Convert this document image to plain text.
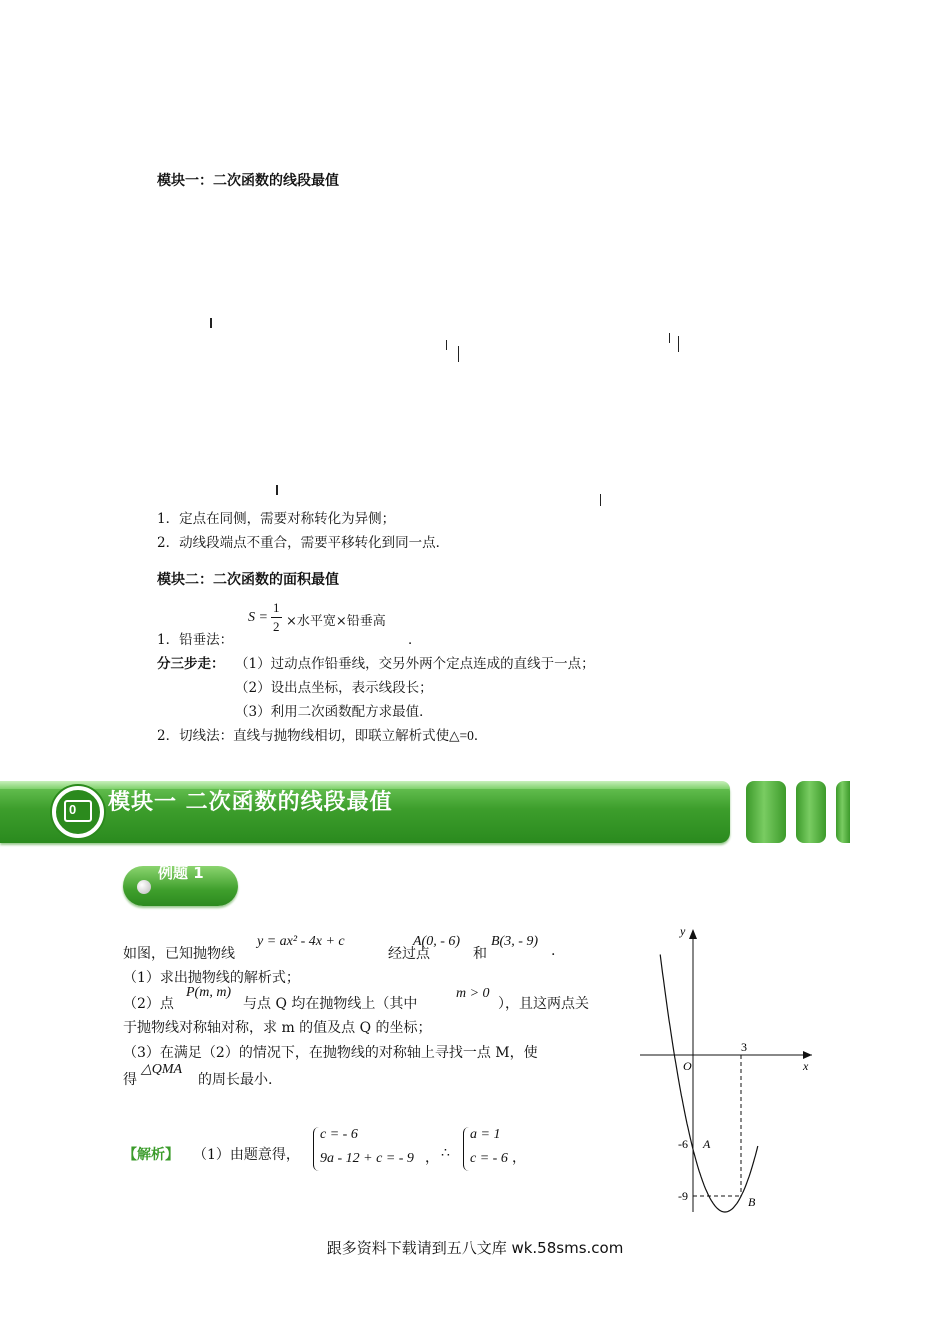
模块一：二次函数的线段最值
1．定点在同侧，需要对称转化为异侧；
2．动线段端点不重合，需要平移转化到同一点．
模块二：二次函数的面积最值
1．铅垂法：
S =
1
2 ×水平宽×铅垂高
．
分三步走： （1）过动点作铅垂线，交另外两个定点连成的直线于一点；
（2）设出点坐标，表示线段长；
（3）利用二次函数配方求最值．
2．切线法：直线与抛物线相切，即联立解析式使△=0．
0 模块一 二次函数的线段最值
例题 1
如图，已知抛物线
y = ax² - 4x + c
经过点
A(0, - 6)
和
B(3, - 9)
.
（1）求出抛物线的解析式；
（2）点
P(m, m)
与点 Q 均在抛物线上（其中
m > 0
），且这两点关
于抛物线对称轴对称，求 m 的值及点 Q 的坐标；
（3）在满足（2）的情况下，在抛物线的对称轴上寻找一点 M，使
得
△QMA
的周长最小.
【解析】 （1）由题意得，
c = - 6
9a - 12 + c = - 9 ， ∴
a = 1
c = - 6 ，
y
x
O
3
-6 A
-9	B
跟多资料下载请到五八文库 wk.58sms.com
